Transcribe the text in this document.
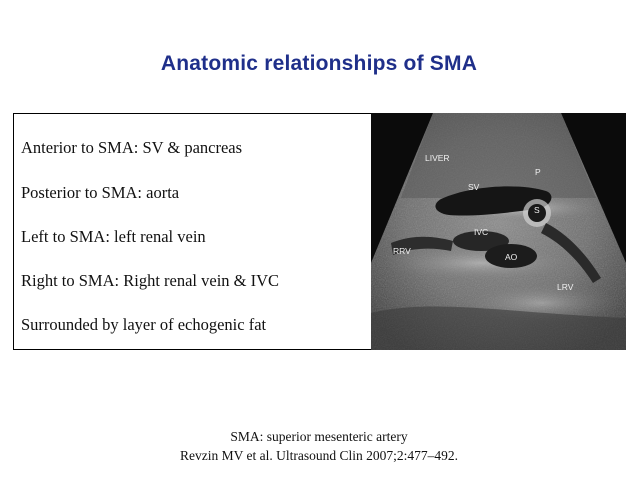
Anatomic relationships of SMA
Anterior to SMA: SV & pancreas
Posterior to SMA: aorta
Left to SMA: left renal vein
Right to SMA: Right renal vein & IVC
Surrounded by layer of echogenic fat
LIVER
P
SV
S
IVC
RRV
AO
LRV
SMA: superior mesenteric artery
Revzin MV et al. Ultrasound Clin 2007;2:477–492.
